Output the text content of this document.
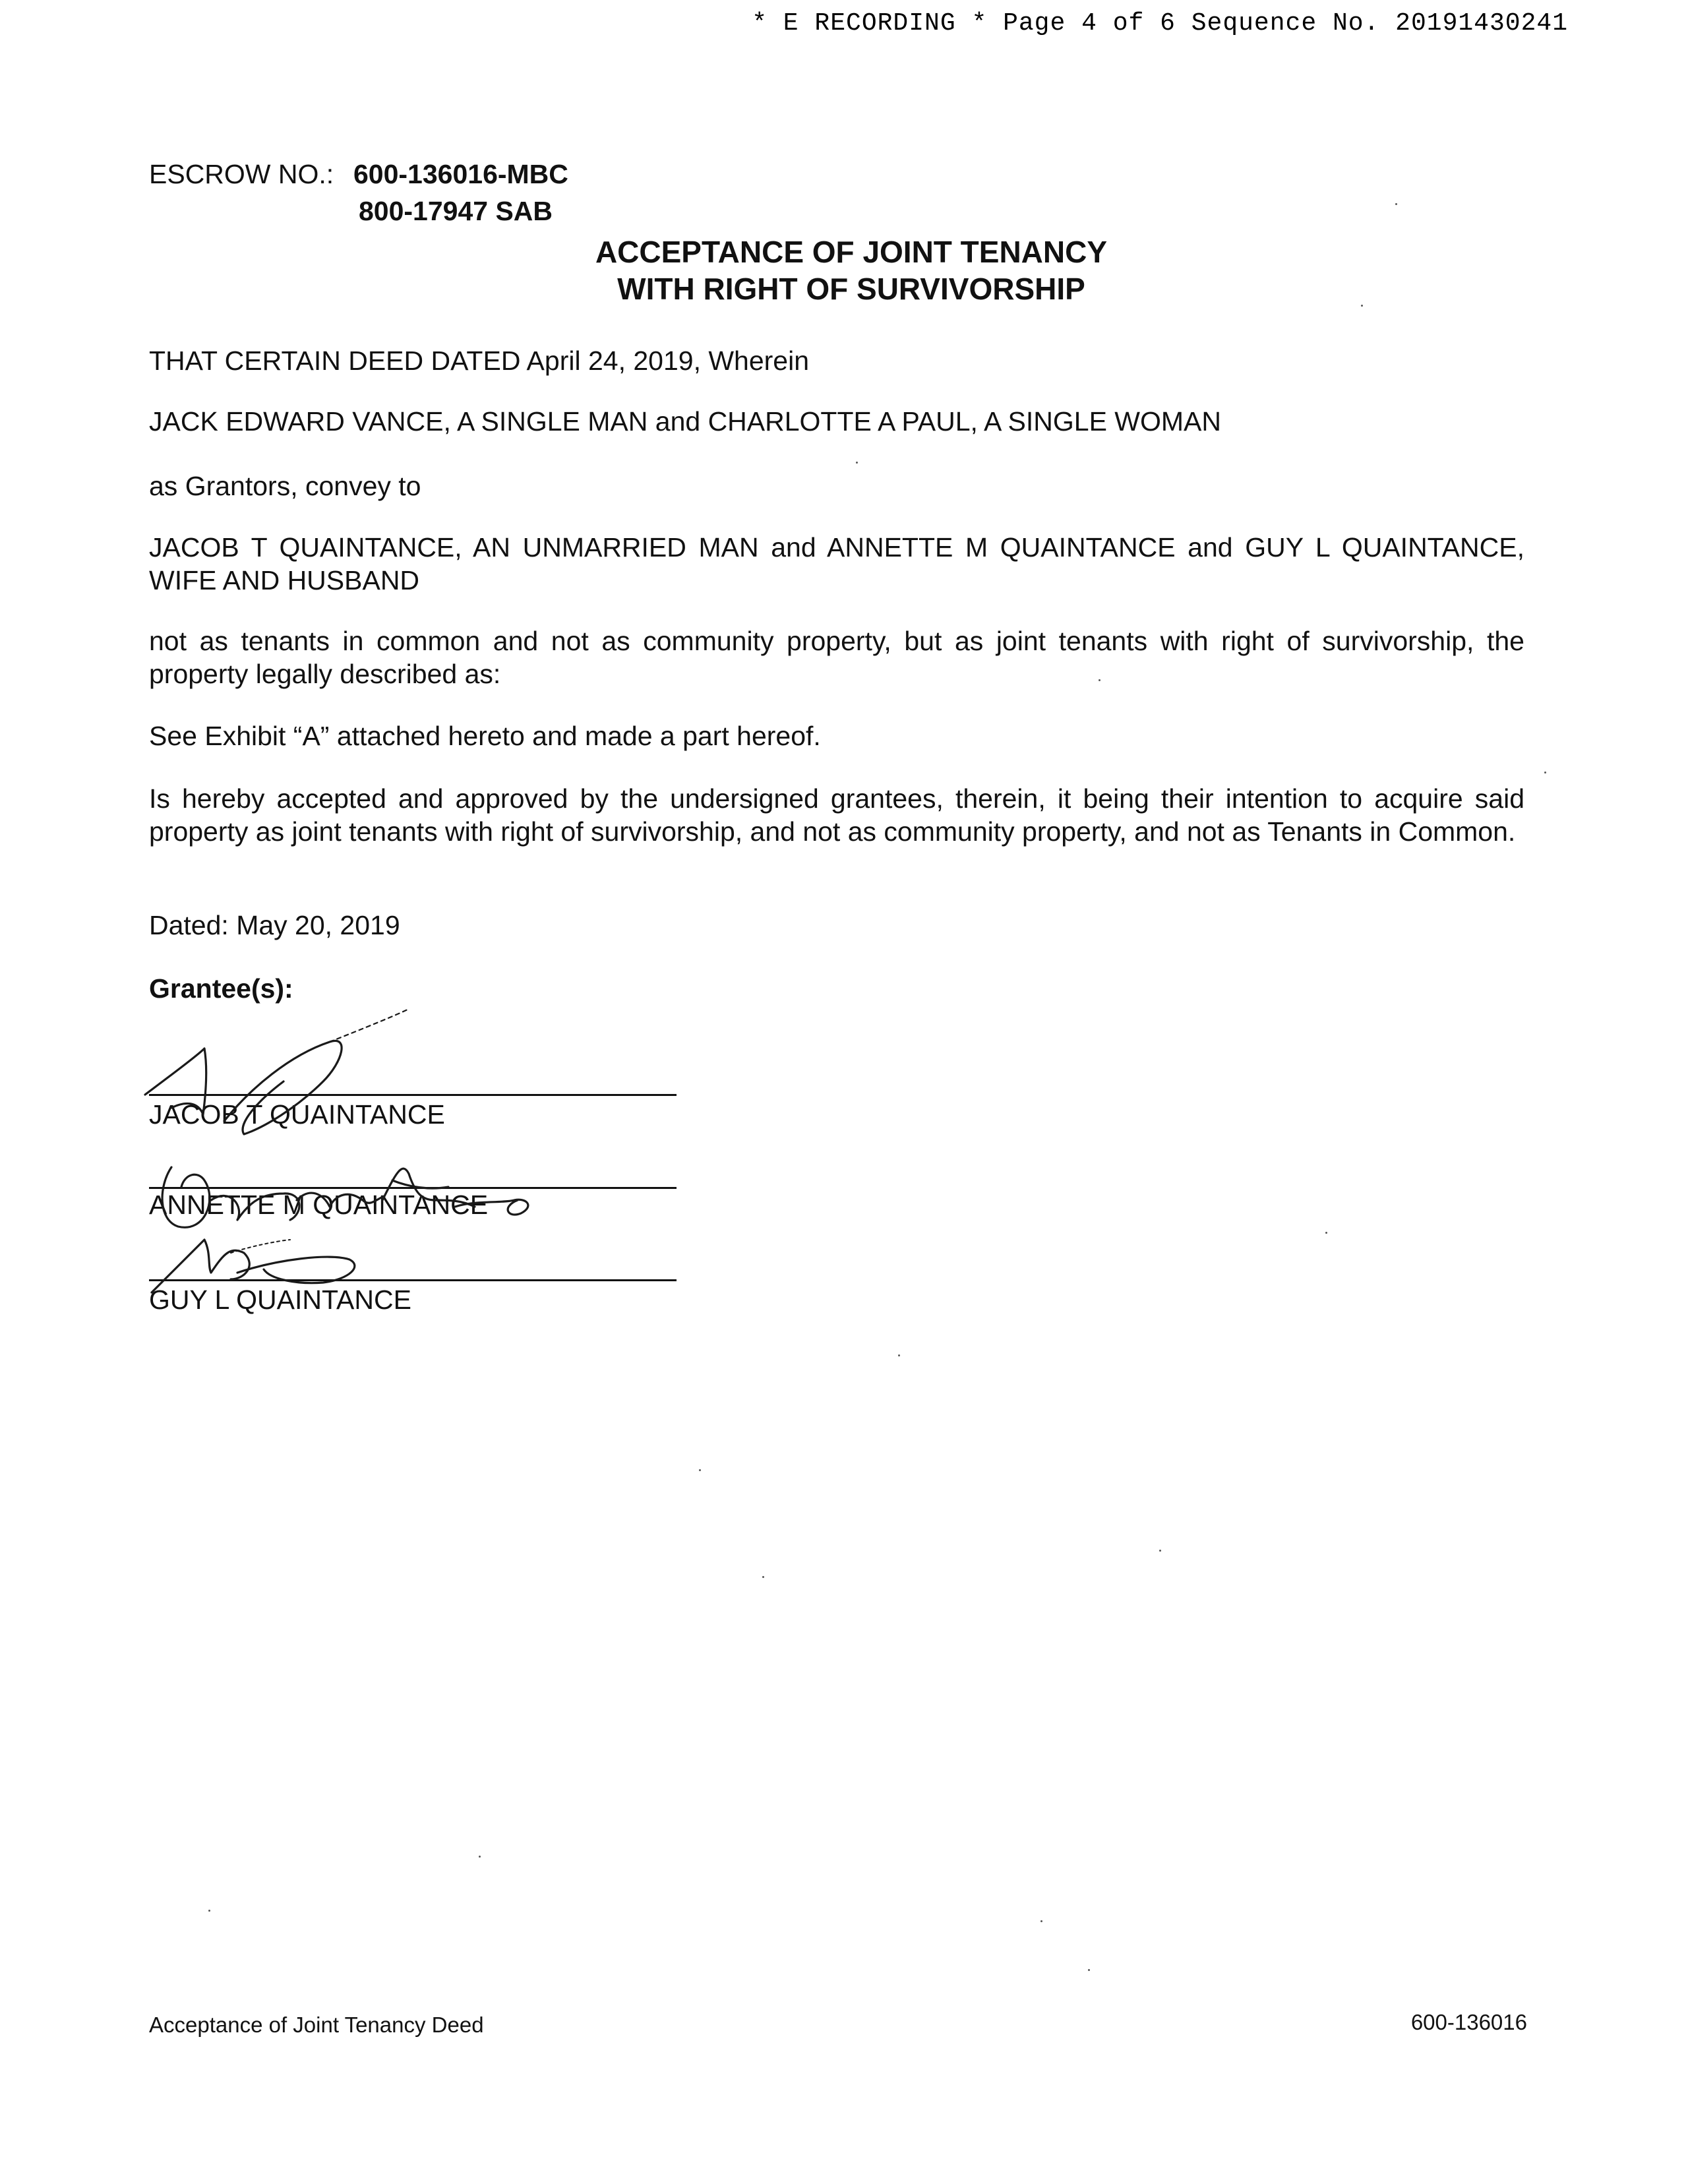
* E RECORDING * Page 4 of 6 Sequence No. 20191430241
ESCROW NO.: 600-136016-MBC
800-17947 SAB
ACCEPTANCE OF JOINT TENANCY
WITH RIGHT OF SURVIVORSHIP
THAT CERTAIN DEED DATED April 24, 2019, Wherein
JACK EDWARD VANCE, A SINGLE MAN and CHARLOTTE A PAUL, A SINGLE WOMAN
as Grantors, convey to
JACOB T QUAINTANCE, AN UNMARRIED MAN and ANNETTE M QUAINTANCE and GUY L QUAINTANCE, WIFE AND HUSBAND
not as tenants in common and not as community property, but as joint tenants with right of survivorship, the property legally described as:
See Exhibit “A” attached hereto and made a part hereof.
Is hereby accepted and approved by the undersigned grantees, therein, it being their intention to acquire said property as joint tenants with right of survivorship, and not as community property, and not as Tenants in Common.
Dated: May 20, 2019
Grantee(s):
JACOB T QUAINTANCE
ANNETTE M QUAINTANCE
GUY L QUAINTANCE
Acceptance of Joint Tenancy Deed	600-136016
